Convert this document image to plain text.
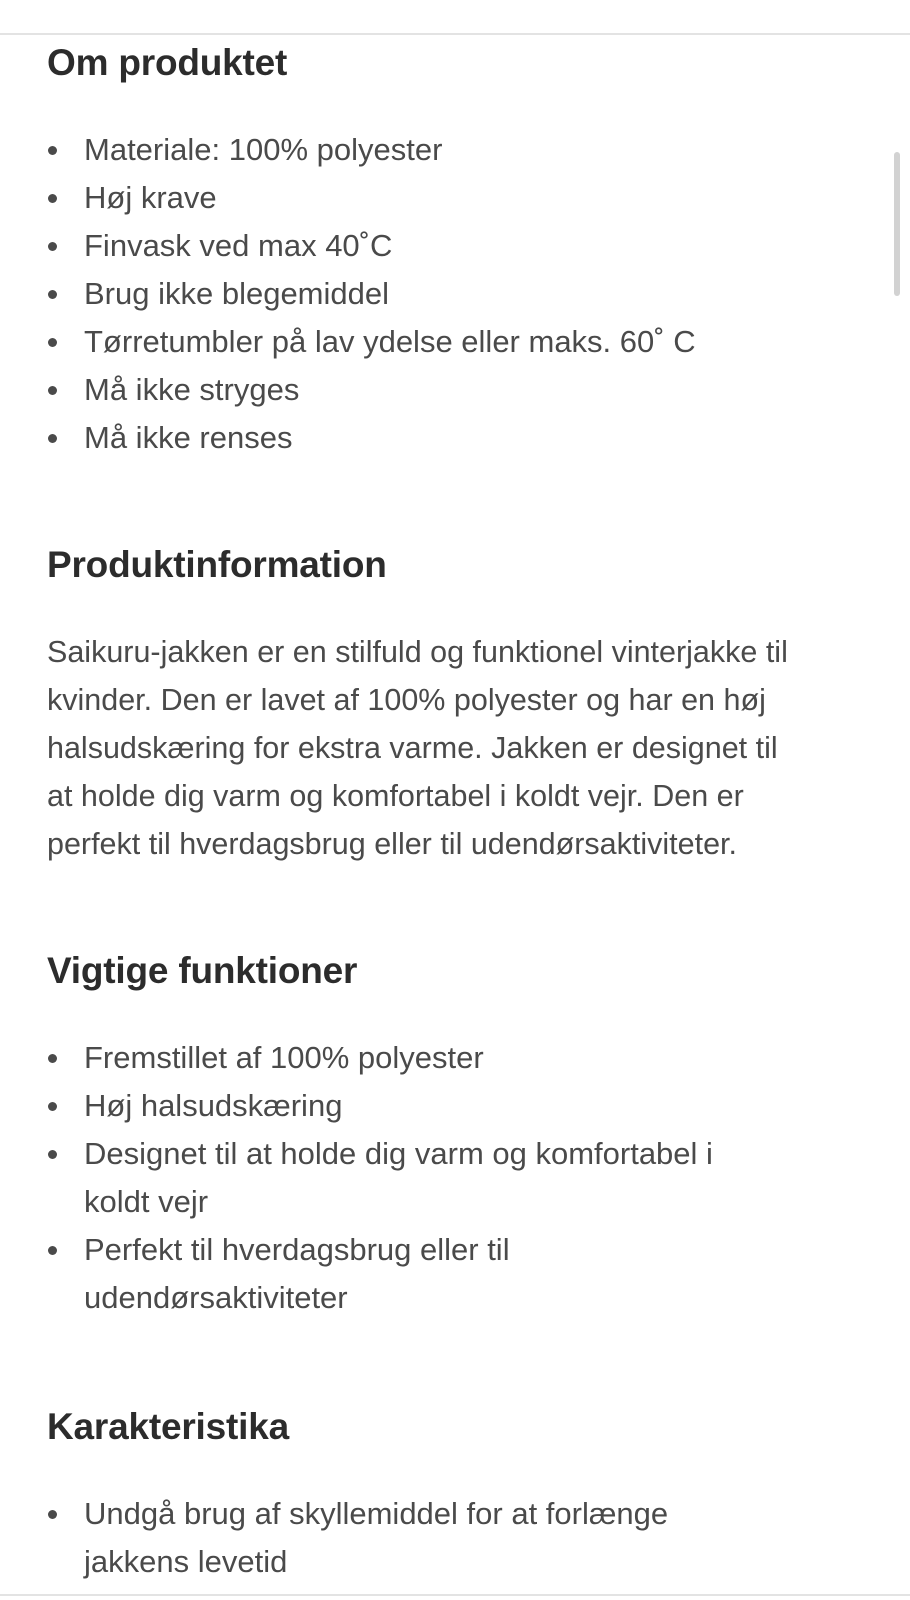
Om produktet
Materiale: 100% polyester
Høj krave
Finvask ved max 40˚C
Brug ikke blegemiddel
Tørretumbler på lav ydelse eller maks. 60˚ C
Må ikke stryges
Må ikke renses
Produktinformation

Saikuru-jakken er en stilfuld og funktionel vinterjakke til

kvinder. Den er lavet af 100% polyester og har en høj

halsudskæring for ekstra varme. Jakken er designet til

at holde dig varm og komfortabel i koldt vejr. Den er

perfekt til hverdagsbrug eller til udendørsaktiviteter.

Vigtige funktioner
Fremstillet af 100% polyester
Høj halsudskæring
Designet til at holde dig varm og komfortabel i
koldt vejr
Perfekt til hverdagsbrug eller til
udendørsaktiviteter
Karakteristika
Undgå brug af skyllemiddel for at forlænge
jakkens levetid
